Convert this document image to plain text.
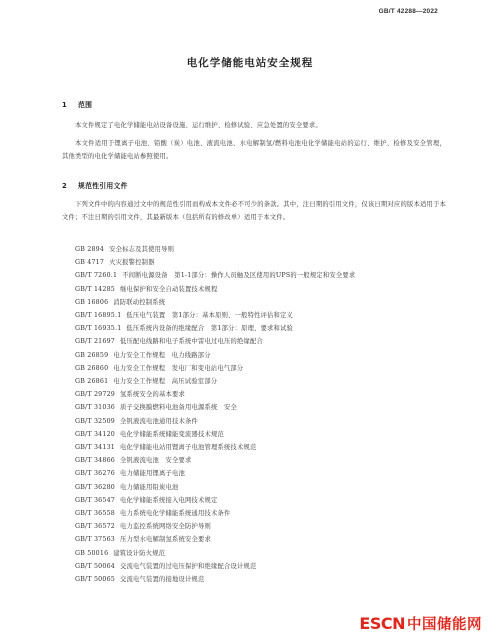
GB/T 42288—2022
电化学储能电站安全规程
1 范围
本文件规定了电化学储能电站设备设施、运行维护、检修试验、应急处置的安全要求。
本文件适用于锂离子电池、铅酸（炭）电池、液流电池、水电解制氢/燃料电池电化学储能电站的运行、维护、检修及安全管理，其他类型的电化学储能电站参照使用。
2 规范性引用文件
下列文件中的内容通过文中的规范性引用而构成本文件必不可少的条款。其中，注日期的引用文件，仅该日期对应的版本适用于本文件；不注日期的引用文件，其最新版本（包括所有的修改单）适用于本文件。
GB 2894 安全标志及其使用导则
GB 4717 火灾报警控制器
GB/T 7260.1 不间断电源设备　第1-1部分：操作人员触及区使用的UPS的一般规定和安全要求
GB/T 14285 继电保护和安全自动装置技术规程
GB 16806 消防联动控制系统
GB/T 16895.1 低压电气装置　第1部分：基本原则、一般特性评估和定义
GB/T 16935.1 低压系统内设备的绝缘配合　第1部分：原理、要求和试验
GB/T 21697 低压配电线路和电子系统中雷电过电压的绝缘配合
GB 26859 电力安全工作规程　电力线路部分
GB 26860 电力安全工作规程　发电厂和变电站电气部分
GB 26861 电力安全工作规程　高压试验室部分
GB/T 29729 氢系统安全的基本要求
GB/T 31036 质子交换膜燃料电池备用电源系统　安全
GB/T 32509 全钒液流电池通用技术条件
GB/T 34120 电化学储能系统储能变流器技术规范
GB/T 34131 电化学储能电站用锂离子电池管理系统技术规范
GB/T 34866 全钒液流电池　安全要求
GB/T 36276 电力储能用锂离子电池
GB/T 36280 电力储能用铅炭电池
GB/T 36547 电化学储能系统接入电网技术规定
GB/T 36558 电力系统电化学储能系统通用技术条件
GB/T 36572 电力监控系统网络安全防护导则
GB/T 37563 压力型水电解制氢系统安全要求
GB 50016 建筑设计防火规范
GB/T 50064 交流电气装置的过电压保护和绝缘配合设计规范
GB/T 50065 交流电气装置的接地设计规范
ESCN 中国储能网
